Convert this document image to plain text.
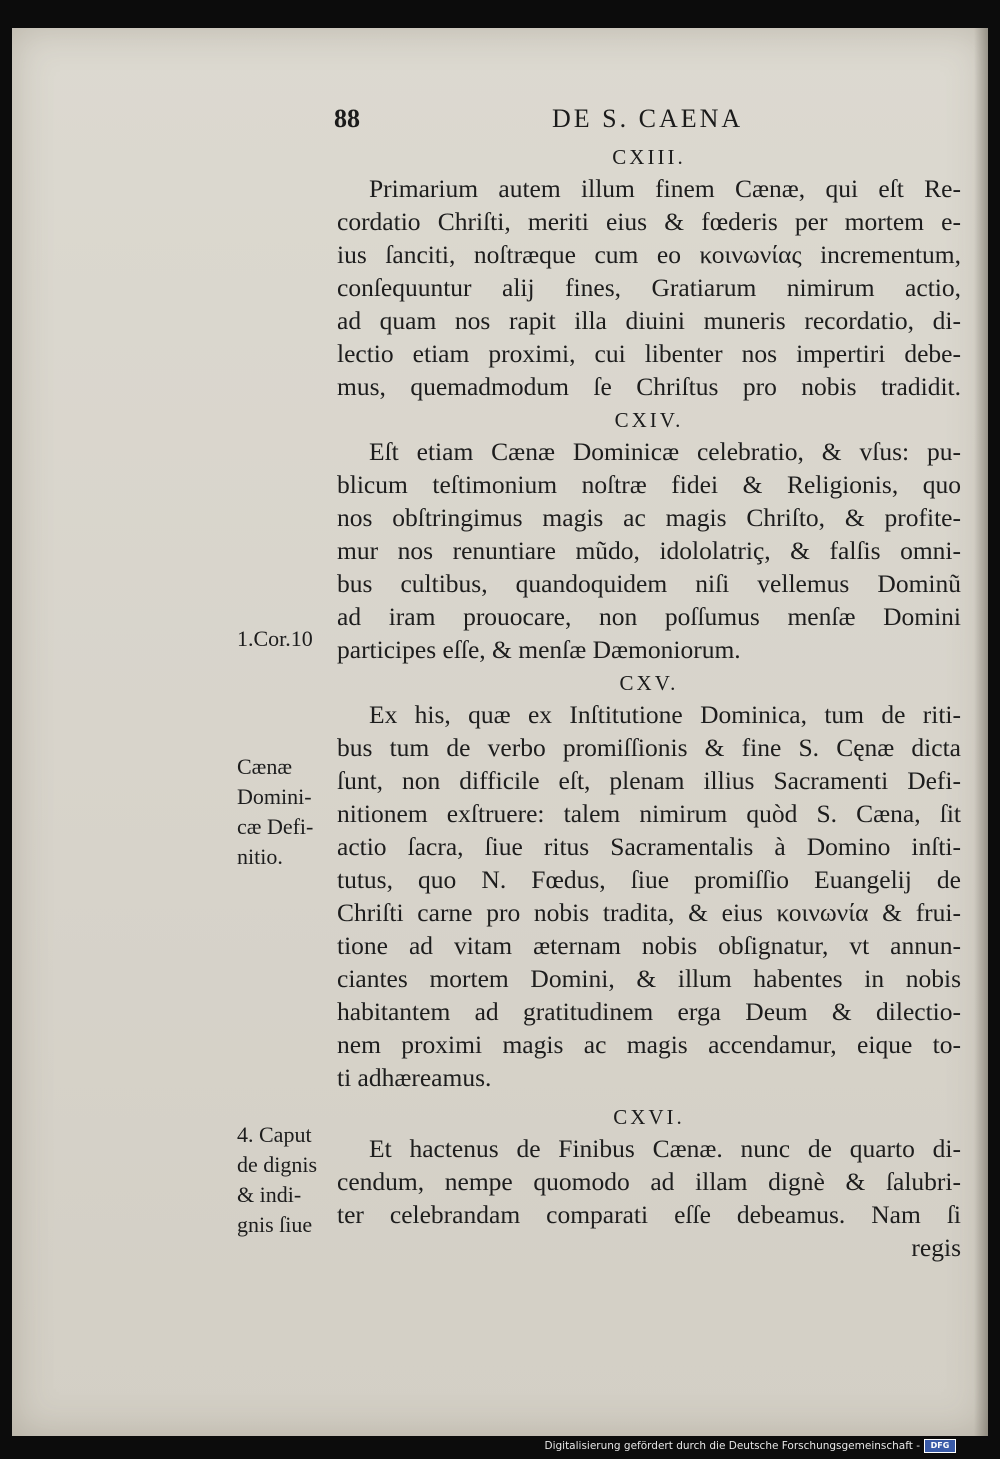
88	DE S. CAENA
CXIII.
Primarium autem illum finem Cænæ, qui eſt Re-
cordatio Chriſti, meriti eius & fœderis per mortem e-
ius ſanciti, noſtræque cum eo κοινωνίας incrementum,
conſequuntur alij fines, Gratiarum nimirum actio,
ad quam nos rapit illa diuini muneris recordatio, di-
lectio etiam proximi, cui libenter nos impertiri debe-
mus, quemadmodum ſe Chriſtus pro nobis tradidit.
CXIV.
Eſt etiam Cænæ Dominicæ celebratio, & vſus: pu-
blicum teſtimonium noſtræ fidei & Religionis, quo
nos obſtringimus magis ac magis Chriſto, & profite-
mur nos renuntiare mũdo, idololatriç, & falſis omni-
bus cultibus, quandoquidem niſi vellemus Dominũ
ad iram prouocare, non poſſumus menſæ Domini
participes eſſe, & menſæ Dæmoniorum.
CXV.
Ex his, quæ ex Inſtitutione Dominica, tum de riti-
bus tum de verbo promiſſionis & fine S. Cęnæ dicta
ſunt, non difficile eſt, plenam illius Sacramenti Defi-
nitionem exſtruere: talem nimirum quòd S. Cæna, ſit
actio ſacra, ſiue ritus Sacramentalis à Domino inſti-
tutus, quo N. Fœdus, ſiue promiſſio Euangelij de
Chriſti carne pro nobis tradita, & eius κοινωνία & frui-
tione ad vitam æternam nobis obſignatur, vt annun-
ciantes mortem Domini, & illum habentes in nobis
habitantem ad gratitudinem erga Deum & dilectio-
nem proximi magis ac magis accendamur, eique to-
ti adhæreamus.
CXVI.
Et hactenus de Finibus Cænæ. nunc de quarto di-
cendum, nempe quomodo ad illam dignè & ſalubri-
ter celebrandam comparati eſſe debeamus. Nam ſi
regis
1.Cor.10
Cænæ
Domini-
cæ Defi-
nitio.
4. Caput
de dignis
& indi-
gnis ſiue
Digitalisierung gefördert durch die Deutsche Forschungsgemeinschaft -	DFG
